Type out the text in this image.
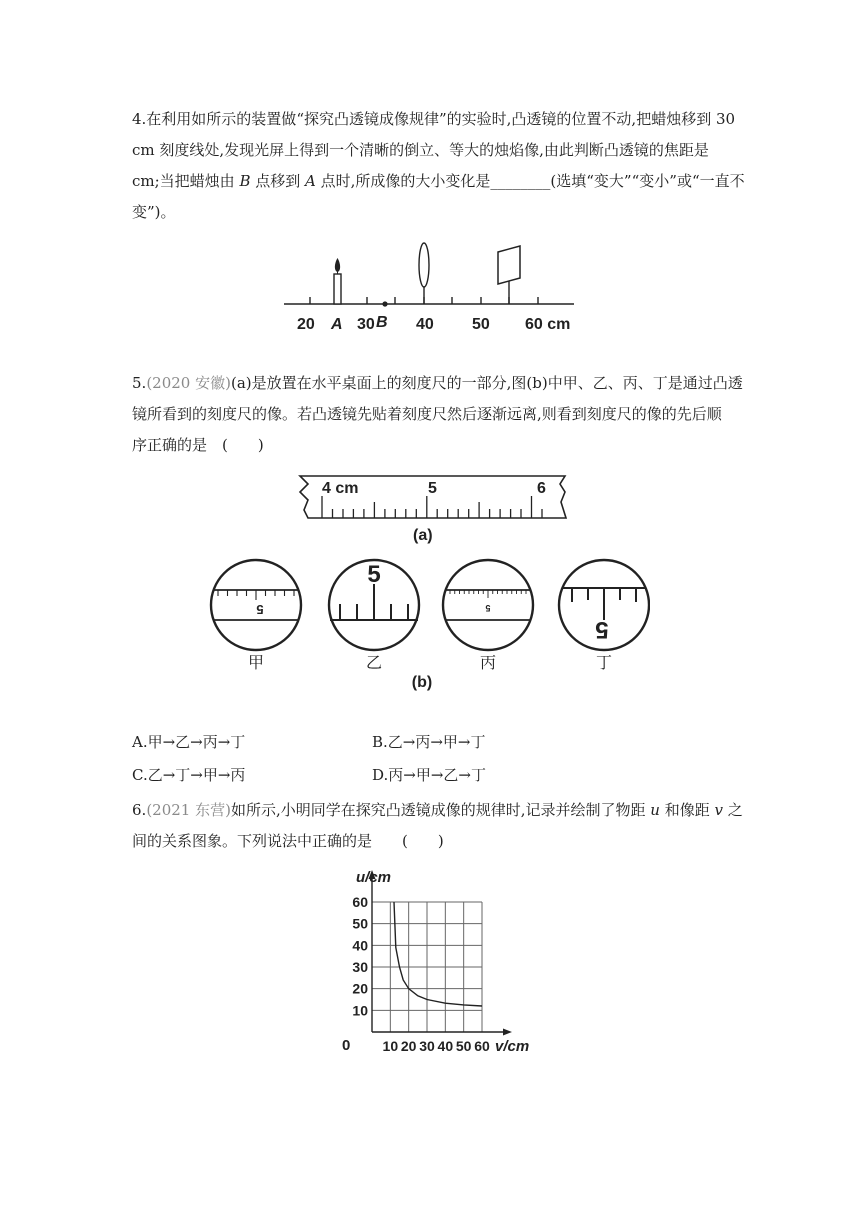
4.在利用如所示的装置做“探究凸透镜成像规律”的实验时,凸透镜的位置不动,把蜡烛移到 30
cm 刻度线处,发现光屏上得到一个清晰的倒立、等大的烛焰像,由此判断凸透镜的焦距是
cm;当把蜡烛由 B 点移到 A 点时,所成像的大小变化是________(选填“变大”“变小”或“一直不
变”)。
20 A 30 B 40 50 60 cm
5.(2020 安徽)(a)是放置在水平桌面上的刻度尺的一部分,图(b)中甲、乙、丙、丁是通过凸透
镜所看到的刻度尺的像。若凸透镜先贴着刻度尺然后逐渐远离,则看到刻度尺的像的先后顺
序正确的是　(　　)
4 cm	5	6
(a)
5
5
5
5
甲	乙	丙	丁
(b)
A.甲→乙→丙→丁	B.乙→丙→甲→丁
C.乙→丁→甲→丙	D.丙→甲→乙→丁
6.(2021 东营)如所示,小明同学在探究凸透镜成像的规律时,记录并绘制了物距 u 和像距 v 之
间的关系图象。下列说法中正确的是　　(　　)
10 20 30 40 50 60
10
20
30
40
50
60
u/cm
v/cm
0
